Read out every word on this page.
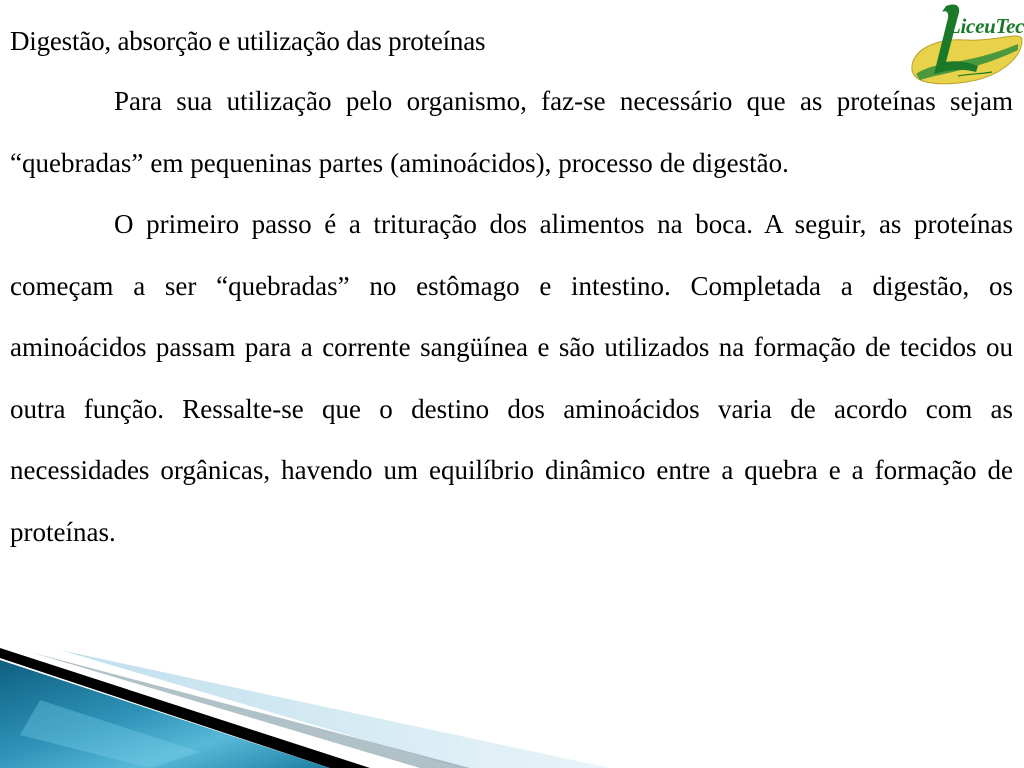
LiceuTec
Digestão, absorção e utilização das proteínas

Para sua utilização pelo organismo, faz-se necessário que as proteínas sejam “quebradas” em pequeninas partes (aminoácidos), processo de digestão.

O primeiro passo é a trituração dos alimentos na boca. A seguir, as proteínas começam a ser “quebradas” no estômago e intestino. Completada a digestão, os aminoácidos passam para a corrente sangüínea e são utilizados na formação de tecidos ou outra função. Ressalte-se que o destino dos aminoácidos varia de acordo com as necessidades orgânicas, havendo um equilíbrio dinâmico entre a quebra e a formação de proteínas.
